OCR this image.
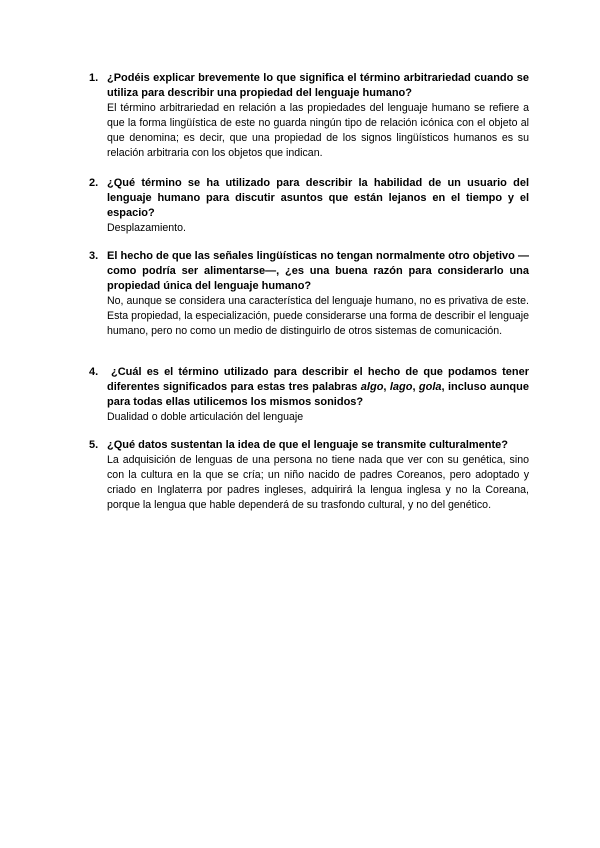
1. ¿Podéis explicar brevemente lo que significa el término arbitrariedad cuando se utiliza para describir una propiedad del lenguaje humano?

El término arbitrariedad en relación a las propiedades del lenguaje humano se refiere a que la forma lingüística de este no guarda ningún tipo de relación icónica con el objeto al que denomina; es decir, que una propiedad de los signos lingüísticos humanos es su relación arbitraria con los objetos que indican.

2. ¿Qué término se ha utilizado para describir la habilidad de un usuario del lenguaje humano para discutir asuntos que están lejanos en el tiempo y el espacio?

Desplazamiento.

3. El hecho de que las señales lingüísticas no tengan normalmente otro objetivo —como podría ser alimentarse—, ¿es una buena razón para considerarlo una propiedad única del lenguaje humano?

No, aunque se considera una característica del lenguaje humano, no es privativa de este. Esta propiedad, la especialización, puede considerarse una forma de describir el lenguaje humano, pero no como un medio de distinguirlo de otros sistemas de comunicación.

4.	¿Cuál es el término utilizado para describir el hecho de que podamos tener diferentes significados para estas tres palabras algo, lago, gola, incluso aunque para todas ellas utilicemos los mismos sonidos?

Dualidad o doble articulación del lenguaje

5. ¿Qué datos sustentan la idea de que el lenguaje se transmite culturalmente?

La adquisición de lenguas de una persona no tiene nada que ver con su genética, sino con la cultura en la que se cría; un niño nacido de padres Coreanos, pero adoptado y criado en Inglaterra por padres ingleses, adquirirá la lengua inglesa y no la Coreana, porque la lengua que hable dependerá de su trasfondo cultural, y no del genético.
